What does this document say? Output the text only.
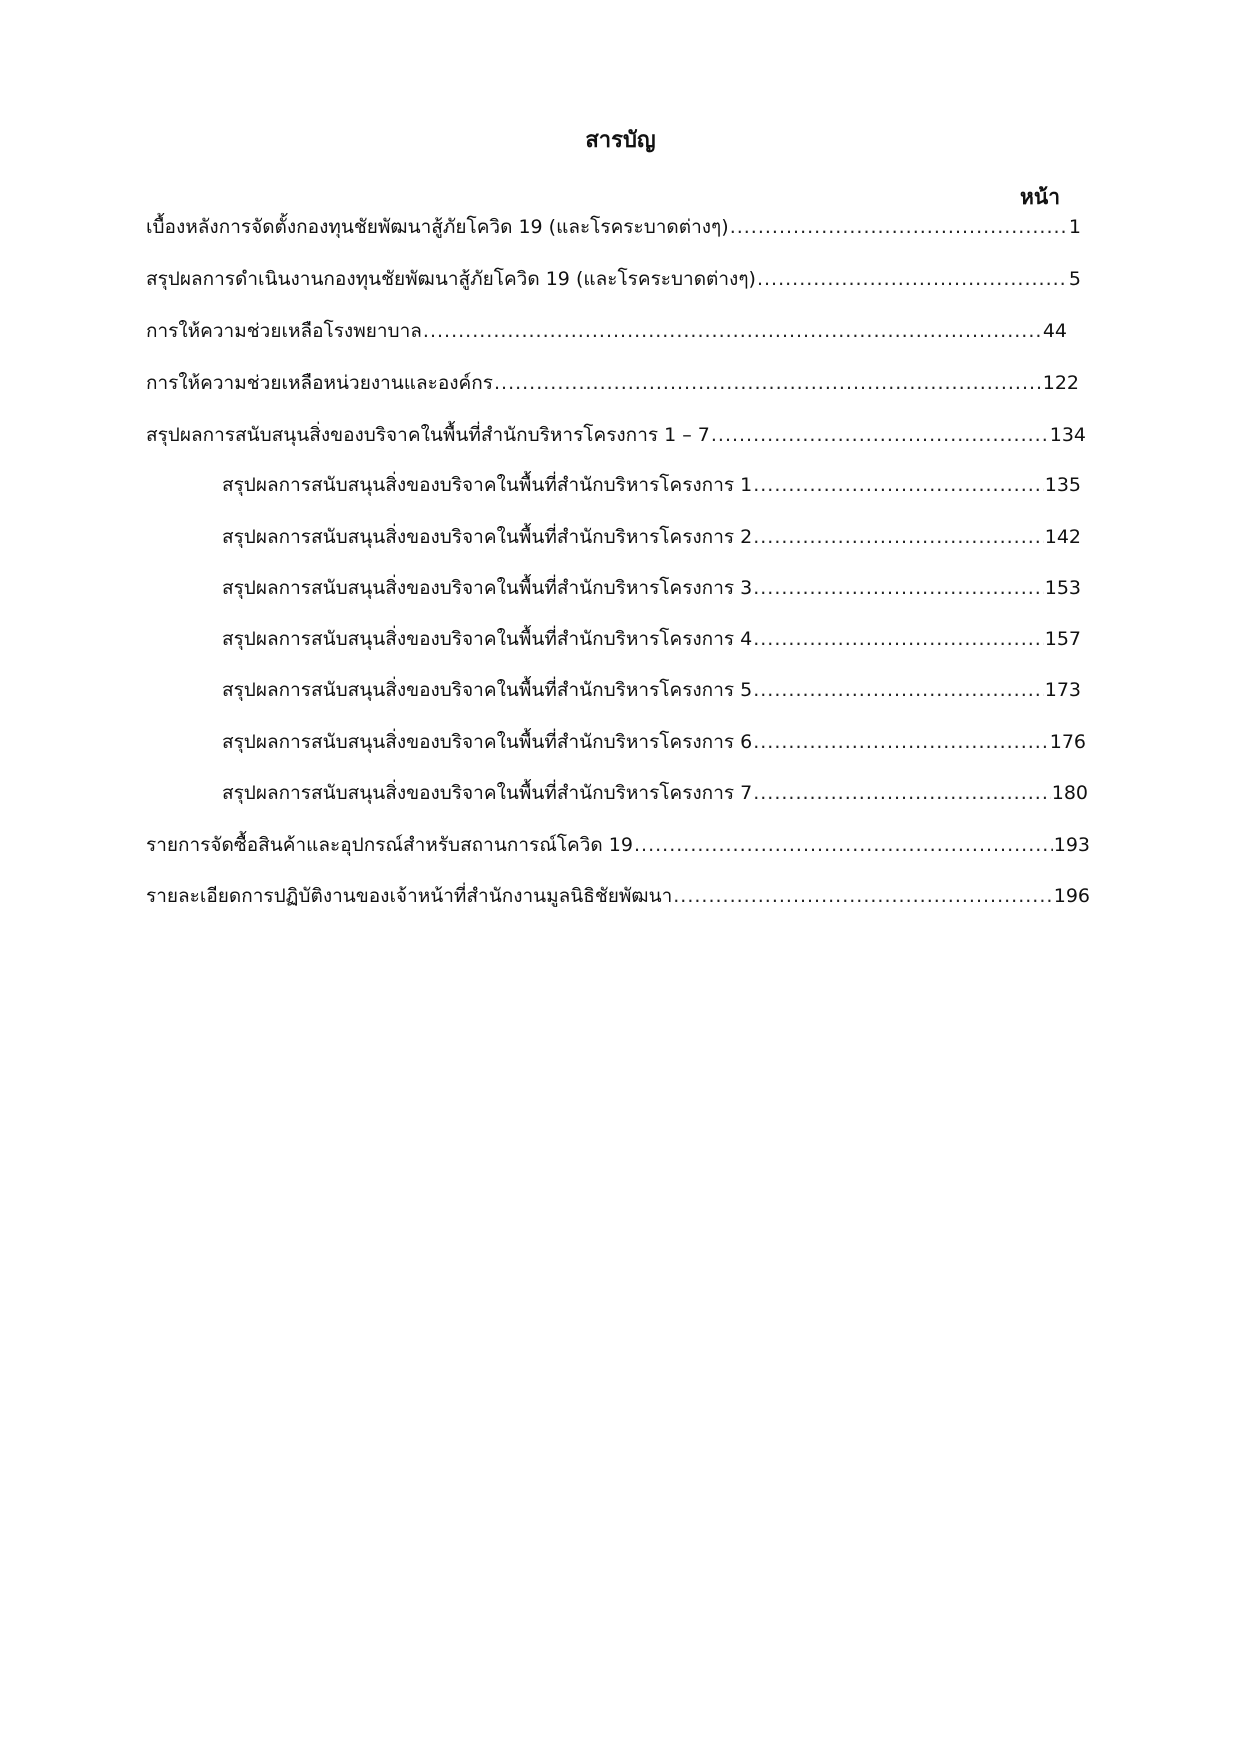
สารบัญ
หน้า
เบื้องหลังการจัดตั้งกองทุนชัยพัฒนาสู้ภัยโควิด 19 (และโรคระบาดต่างๆ) .....	1
สรุปผลการดำเนินงานกองทุนชัยพัฒนาสู้ภัยโควิด 19 (และโรคระบาดต่างๆ) .....	5
การให้ความช่วยเหลือโรงพยาบาล .....	44
การให้ความช่วยเหลือหน่วยงานและองค์กร .....	122
สรุปผลการสนับสนุนสิ่งของบริจาคในพื้นที่สำนักบริหารโครงการ 1 – 7 .....	134
สรุปผลการสนับสนุนสิ่งของบริจาคในพื้นที่สำนักบริหารโครงการ 1 .....	135
สรุปผลการสนับสนุนสิ่งของบริจาคในพื้นที่สำนักบริหารโครงการ 2 .....	142
สรุปผลการสนับสนุนสิ่งของบริจาคในพื้นที่สำนักบริหารโครงการ 3 .....	153
สรุปผลการสนับสนุนสิ่งของบริจาคในพื้นที่สำนักบริหารโครงการ 4 .....	157
สรุปผลการสนับสนุนสิ่งของบริจาคในพื้นที่สำนักบริหารโครงการ 5 .....	173
สรุปผลการสนับสนุนสิ่งของบริจาคในพื้นที่สำนักบริหารโครงการ 6 .....	176
สรุปผลการสนับสนุนสิ่งของบริจาคในพื้นที่สำนักบริหารโครงการ 7 .....	180
รายการจัดซื้อสินค้าและอุปกรณ์สำหรับสถานการณ์โควิด 19 .....	193
รายละเอียดการปฏิบัติงานของเจ้าหน้าที่สำนักงานมูลนิธิชัยพัฒนา .....	196
